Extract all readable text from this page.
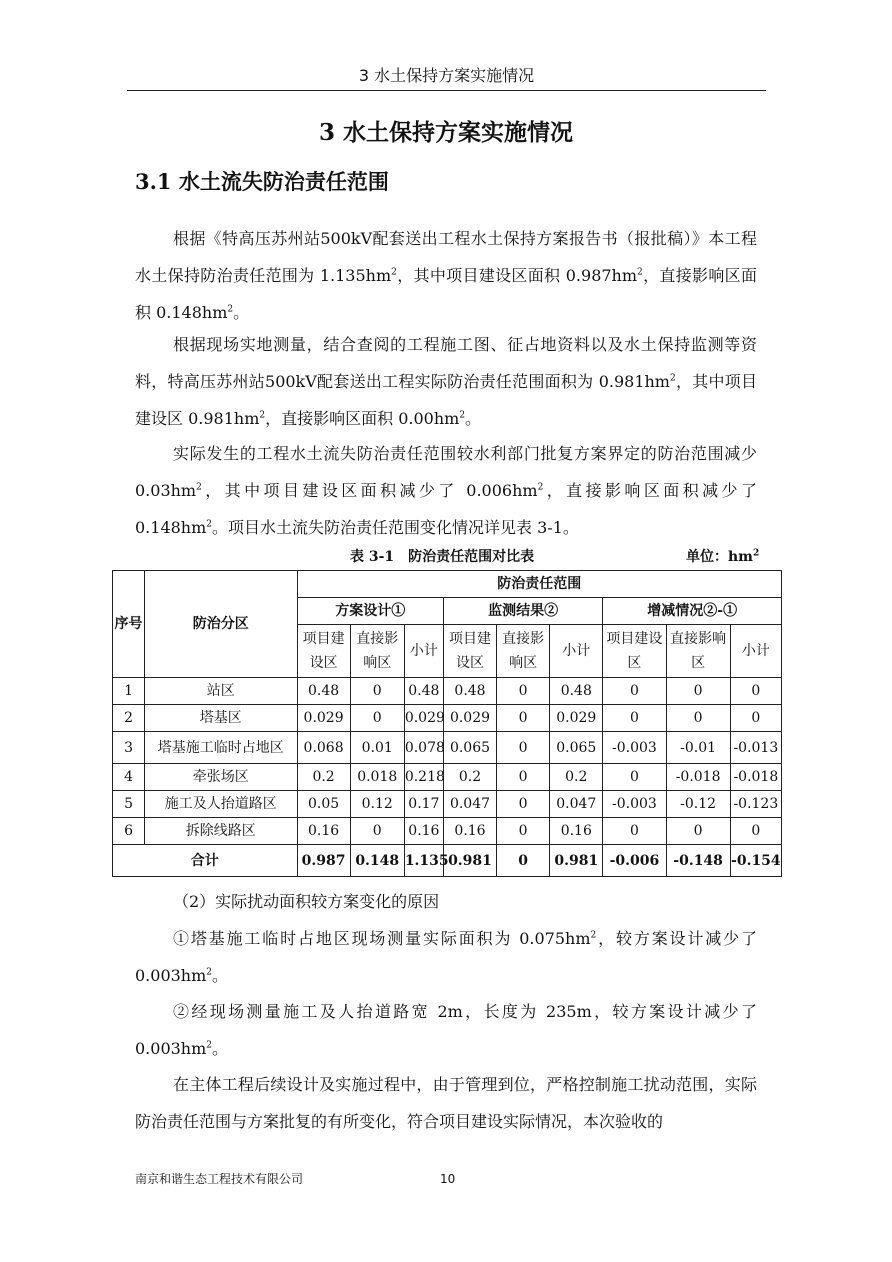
3 水土保持方案实施情况
3 水土保持方案实施情况
3.1 水土流失防治责任范围

根据《特高压苏州站500kV配套送出工程水土保持方案报告书（报批稿）》本工程水土保持防治责任范围为 $1.135hm^2$，其中项目建设区面积 $0.987hm^2$，直接影响区面积 $0.148hm^2$。

根据现场实地测量，结合查阅的工程施工图、征占地资料以及水土保持监测等资料，特高压苏州站500kV配套送出工程实际防治责任范围面积为 $0.981hm^2$，其中项目建设区 $0.981hm^2$，直接影响区面积 $0.00hm^2$。

实际发生的工程水土流失防治责任范围较水利部门批复方案界定的防治范围减少 $0.03hm^2$，其中项目建设区面积减少了 $0.006hm^2$，直接影响区面积减少了 $0.148hm^2$。项目水土流失防治责任范围变化情况详见表 3-1。

表 3-1　防治责任范围对比表	单位：$hm^2$
序号	防治分区	防治责任范围								
		方案设计①			监测结果②			增减情况②-①		
		项目建设区	直接影响区	小计	项目建设区	直接影响区	小计	项目建设区	直接影响区	小计
1	站区	0.48	0	0.48	0.48	0	0.48	0	0	0
2	塔基区	0.029	0	0.029	0.029	0	0.029	0	0	0
3	塔基施工临时占地区	0.068	0.01	0.078	0.065	0	0.065	-0.003	-0.01	-0.013
4	牵张场区	0.2	0.018	0.218	0.2	0	0.2	0	-0.018	-0.018
5	施工及人抬道路区	0.05	0.12	0.17	0.047	0	0.047	-0.003	-0.12	-0.123
6	拆除线路区	0.16	0	0.16	0.16	0	0.16	0	0	0
合计		0.987	0.148	1.135	0.981	0	0.981	-0.006	-0.148	-0.154

（2）实际扰动面积较方案变化的原因

①塔基施工临时占地区现场测量实际面积为 $0.075hm^2$，较方案设计减少了 $0.003hm^2$。

②经现场测量施工及人抬道路宽 2m，长度为 235m，较方案设计减少了 $0.003hm^2$。

在主体工程后续设计及实施过程中，由于管理到位，严格控制施工扰动范围，实际防治责任范围与方案批复的有所变化，符合项目建设实际情况，本次验收的

南京和谐生态工程技术有限公司	10
